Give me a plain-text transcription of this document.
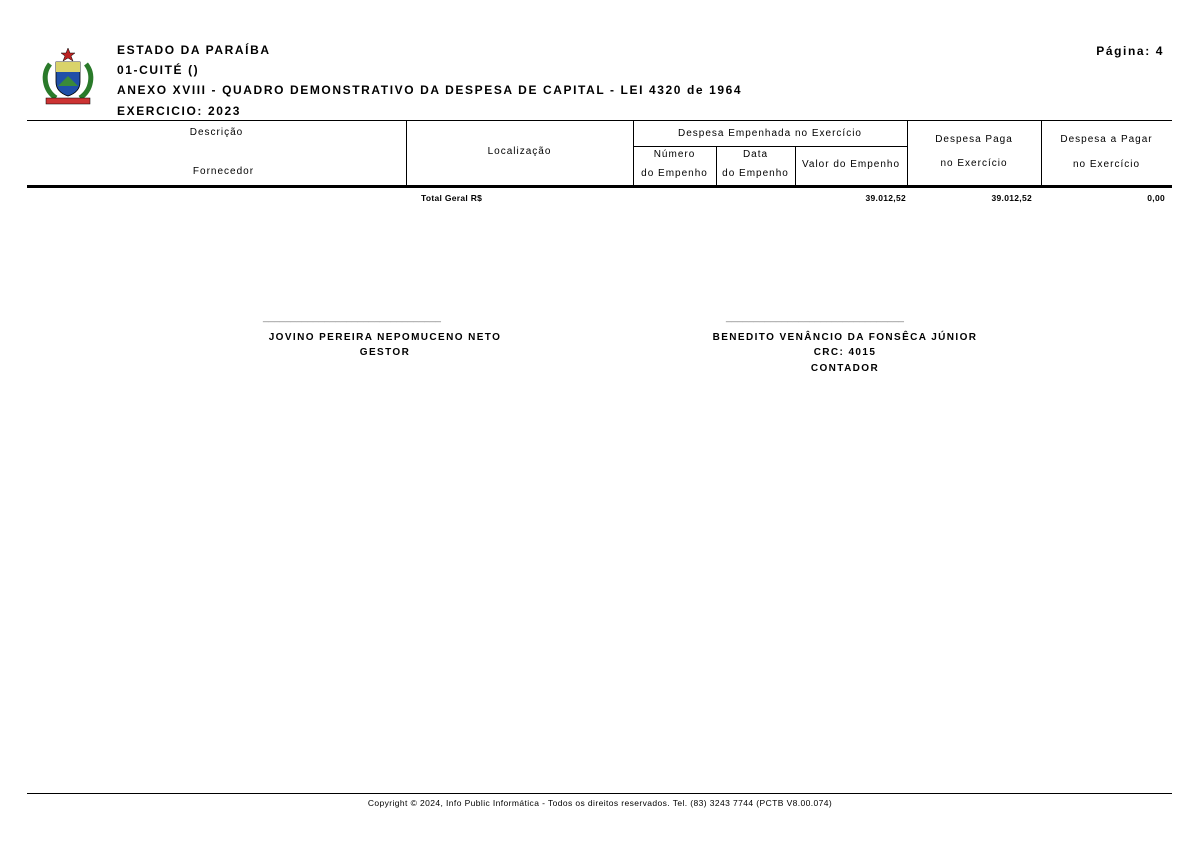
ESTADO DA PARAÍBA
01-CUITÉ ()
ANEXO XVIII - QUADRO DEMONSTRATIVO DA DESPESA DE CAPITAL - LEI 4320 de 1964
EXERCICIO: 2023
Página: 4
Descrição
Fornecedor
Localização
Despesa Empenhada no Exercício
Número
do Empenho
Data
do Empenho
Valor do Empenho
Despesa Paga
no Exercício
Despesa a Pagar
no Exercício
Total Geral R$	39.012,52	39.012,52	0,00
________________________________
JOVINO PEREIRA NEPOMUCENO NETO
GESTOR
________________________________
BENEDITO VENÂNCIO DA FONSÊCA JÚNIOR
CRC: 4015
CONTADOR
Copyright © 2024, Info Public Informática - Todos os direitos reservados. Tel. (83) 3243 7744 (PCTB V8.00.074)
